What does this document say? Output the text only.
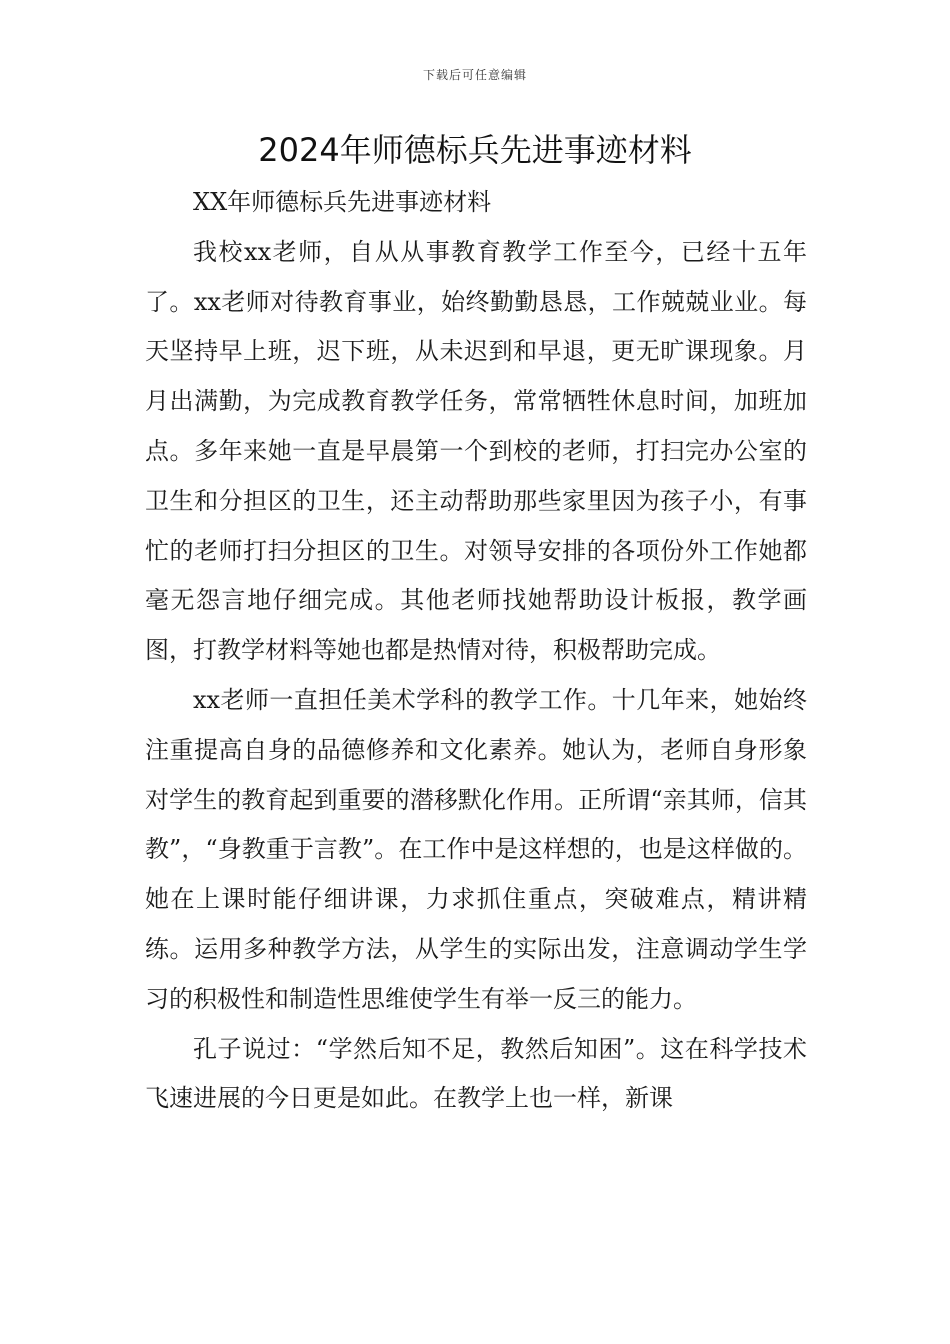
下载后可任意编辑
2024年师德标兵先进事迹材料

XX年师德标兵先进事迹材料

我校xx老师，自从从事教育教学工作至今，已经十五年了。xx老师对待教育事业，始终勤勤恳恳，工作兢兢业业。每天坚持早上班，迟下班，从未迟到和早退，更无旷课现象。月月出满勤，为完成教育教学任务，常常牺牲休息时间，加班加点。多年来她一直是早晨第一个到校的老师，打扫完办公室的卫生和分担区的卫生，还主动帮助那些家里因为孩子小，有事忙的老师打扫分担区的卫生。对领导安排的各项份外工作她都毫无怨言地仔细完成。其他老师找她帮助设计板报，教学画图，打教学材料等她也都是热情对待，积极帮助完成。

xx老师一直担任美术学科的教学工作。十几年来，她始终注重提高自身的品德修养和文化素养。她认为，老师自身形象对学生的教育起到重要的潜移默化作用。正所谓“亲其师，信其教”，“身教重于言教”。在工作中是这样想的，也是这样做的。她在上课时能仔细讲课，力求抓住重点，突破难点，精讲精练。运用多种教学方法，从学生的实际出发，注意调动学生学习的积极性和制造性思维使学生有举一反三的能力。

孔子说过：“学然后知不足，教然后知困”。这在科学技术飞速进展的今日更是如此。在教学上也一样，新课
